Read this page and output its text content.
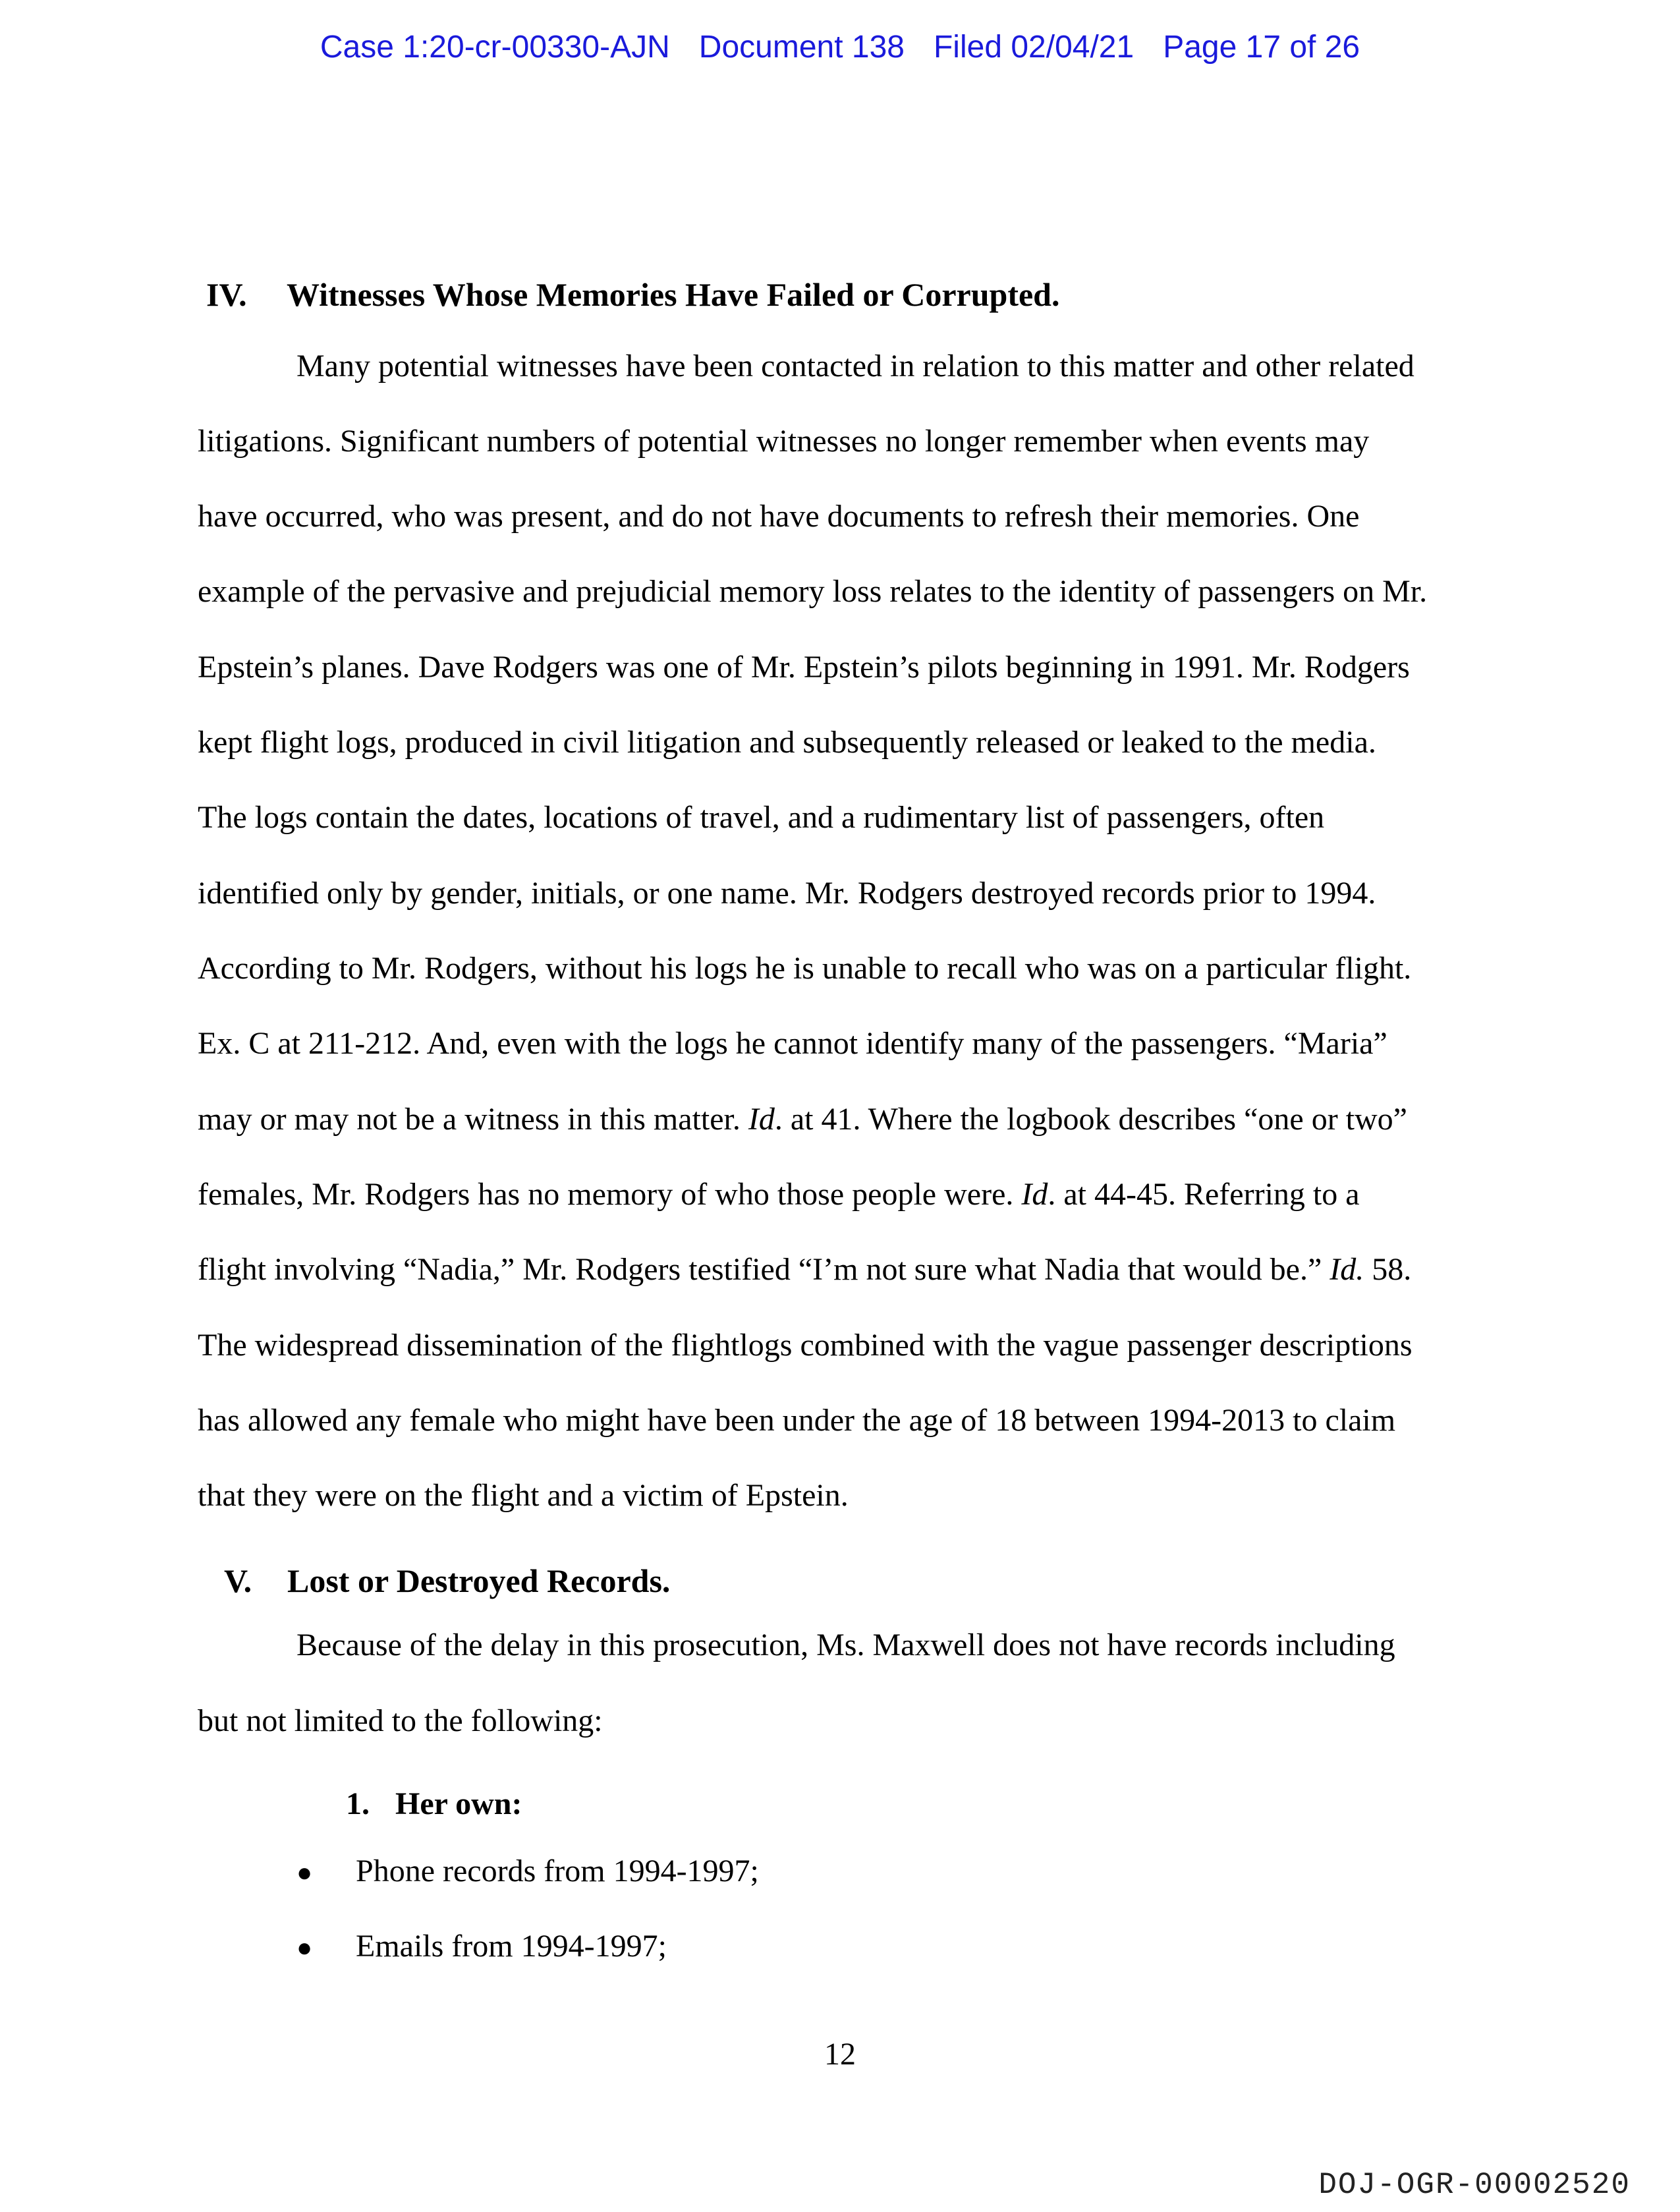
Case 1:20-cr-00330-AJN Document 138 Filed 02/04/21 Page 17 of 26
IV. Witnesses Whose Memories Have Failed or Corrupted.
Many potential witnesses have been contacted in relation to this matter and other related
litigations. Significant numbers of potential witnesses no longer remember when events may
have occurred, who was present, and do not have documents to refresh their memories. One
example of the pervasive and prejudicial memory loss relates to the identity of passengers on Mr.
Epstein’s planes. Dave Rodgers was one of Mr. Epstein’s pilots beginning in 1991. Mr. Rodgers
kept flight logs, produced in civil litigation and subsequently released or leaked to the media.
The logs contain the dates, locations of travel, and a rudimentary list of passengers, often
identified only by gender, initials, or one name. Mr. Rodgers destroyed records prior to 1994.
According to Mr. Rodgers, without his logs he is unable to recall who was on a particular flight.
Ex. C at 211-212. And, even with the logs he cannot identify many of the passengers. “Maria”
may or may not be a witness in this matter. Id. at 41. Where the logbook describes “one or two”
females, Mr. Rodgers has no memory of who those people were. Id. at 44-45. Referring to a
flight involving “Nadia,” Mr. Rodgers testified “I’m not sure what Nadia that would be.” Id. 58.
The widespread dissemination of the flightlogs combined with the vague passenger descriptions
has allowed any female who might have been under the age of 18 between 1994-2013 to claim
that they were on the flight and a victim of Epstein.
V. Lost or Destroyed Records.
Because of the delay in this prosecution, Ms. Maxwell does not have records including
but not limited to the following:
1. Her own:
● Phone records from 1994-1997;
● Emails from 1994-1997;
12
DOJ-OGR-00002520
